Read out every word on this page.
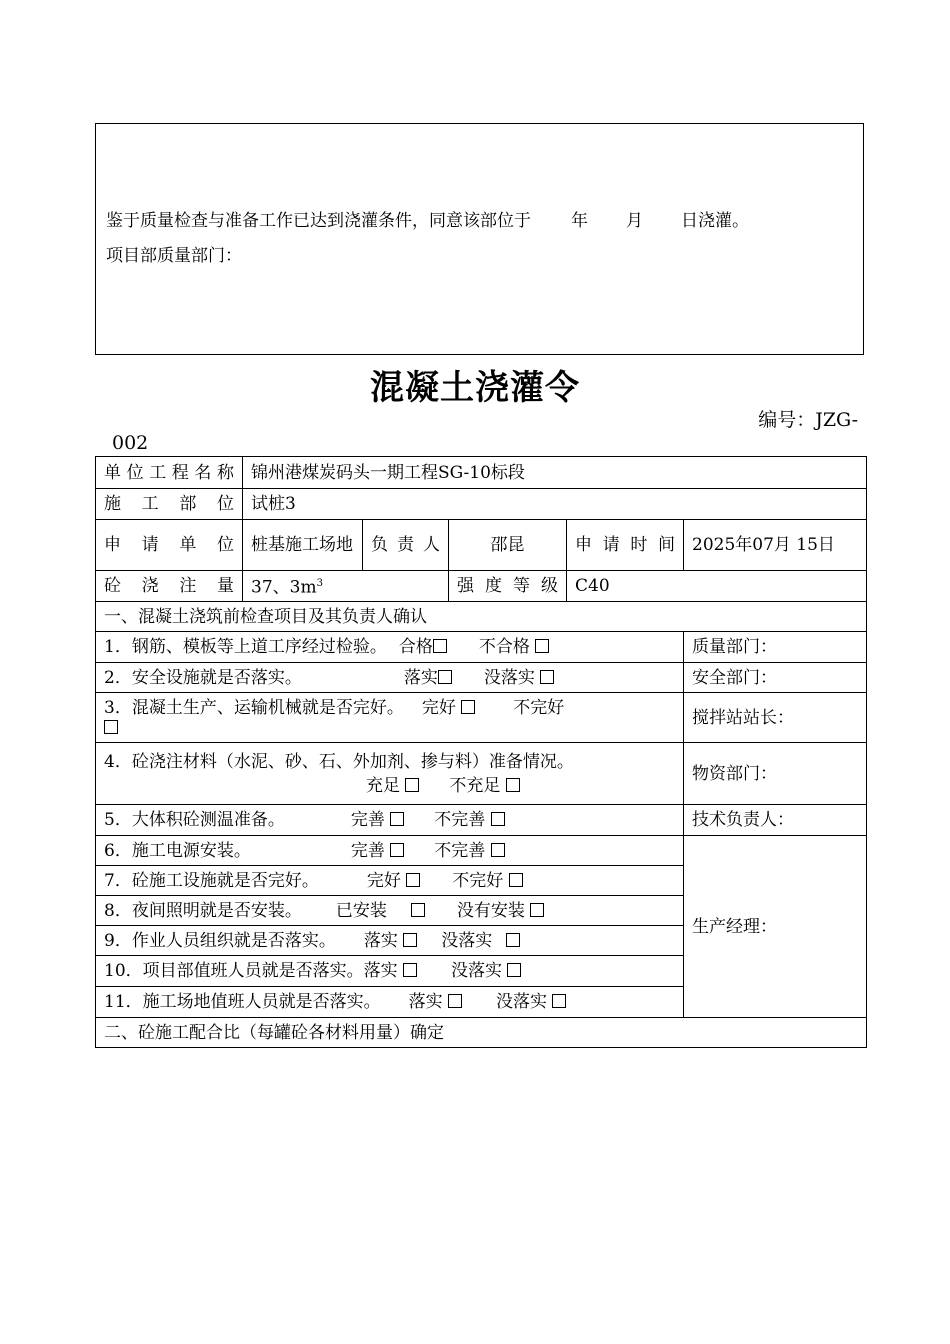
鉴于质量检查与准备工作已达到浇灌条件，同意该部位于 年 月 日浇灌。
项目部质量部门：
混凝土浇灌令
编号：JZG-
002
单位工程名称	锦州港煤炭码头一期工程SG-10标段				

施工部位	试桩3				

申请单位	桩基施工场地	负责人	邵昆	申请时间	2025年07月 15日

砼浇注量	37、$3m^3$		强度等级	C40	
一、混凝土浇筑前检查项目及其负责人确认					
1．钢筋、模板等上道工序经过检验。 合格 不合格					质量部门：
2．安全设施就是否落实。 落实 没落实					安全部门：
3．混凝土生产、运输机械就是否完好。 完好 不完好					搅拌站站长：

4．砼浇注材料（水泥、砂、石、外加剂、掺与料）准备情况。
充足 不充足					物资部门：
5．大体积砼测温准备。 完善 不完善					技术负责人：
6．施工电源安装。 完善 不完善					生产经理：
7．砼施工设施就是否完好。 完好 不完好					
8．夜间照明就是否安装。 已安装 没有安装					
9．作业人员组织就是否落实。 落实 没落实					
10．项目部值班人员就是否落实。落实 没落实					
11．施工场地值班人员就是否落实。 落实 没落实					
二、砼施工配合比（每罐砼各材料用量）确定					
